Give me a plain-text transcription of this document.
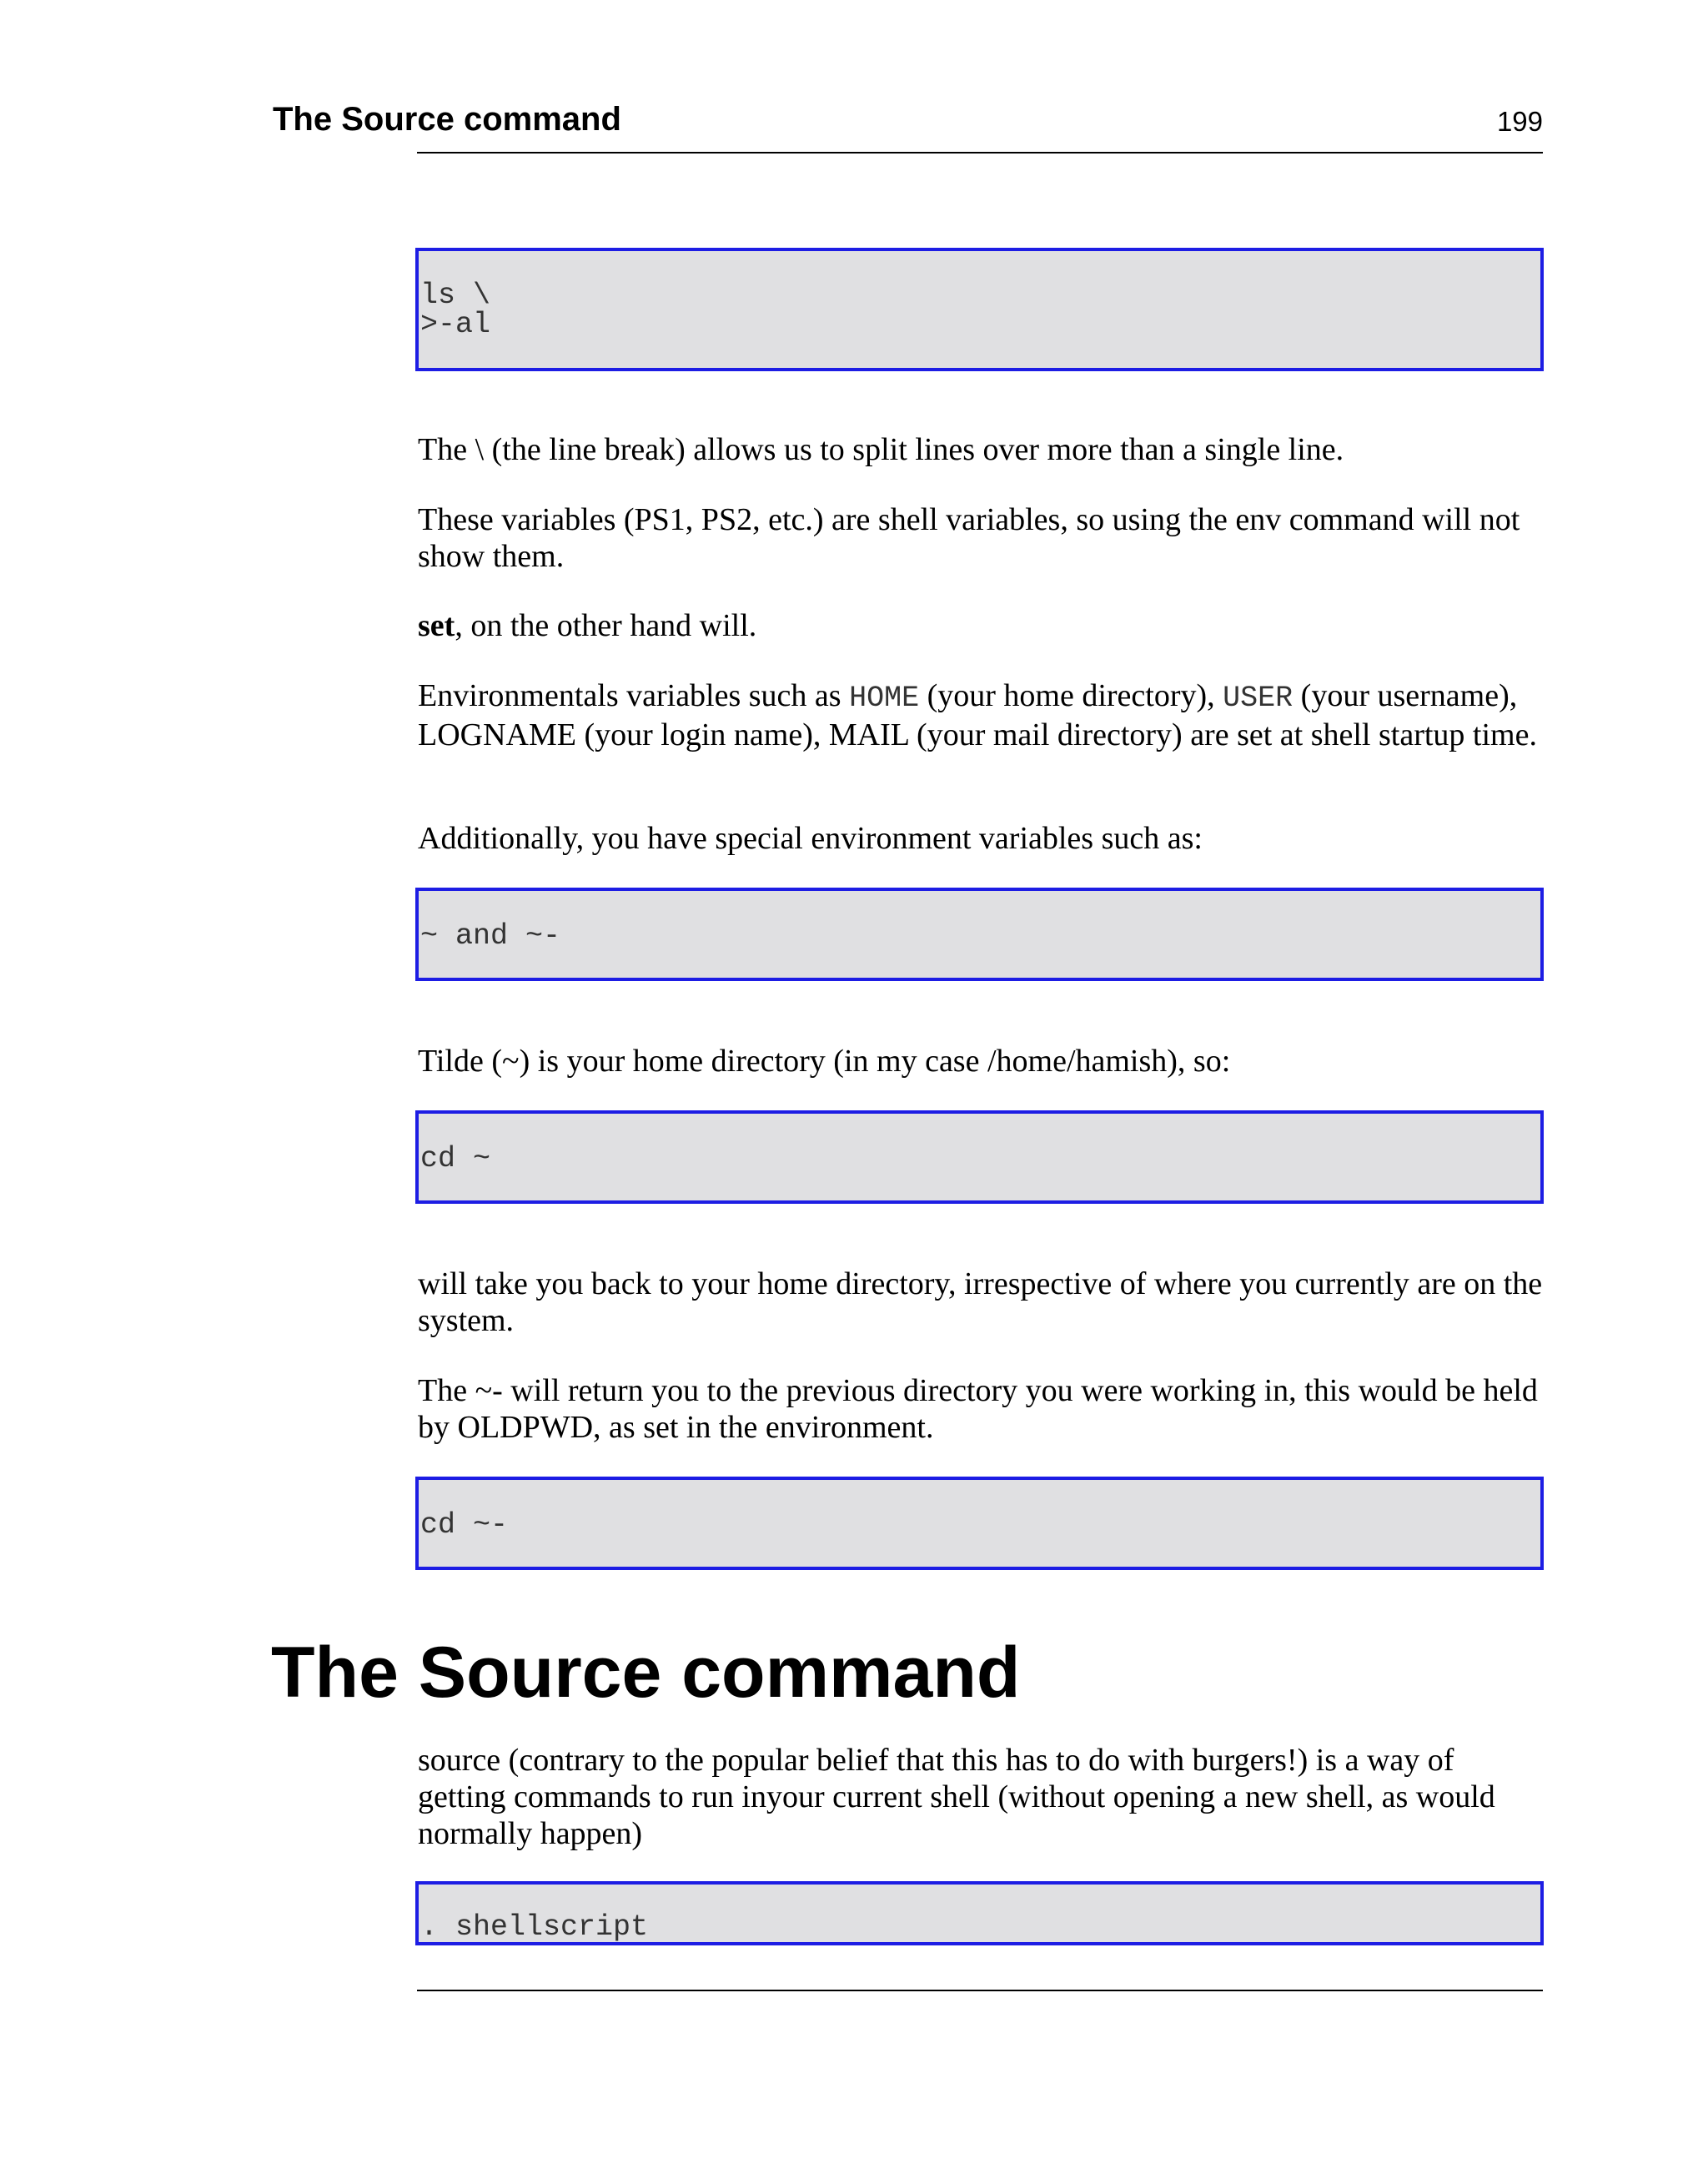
The Source command	199
ls \
>-al

The \ (the line break) allows us to split lines over more than a single line.

These variables (PS1, PS2, etc.) are shell variables, so using the env command will not show them.

set, on the other hand will.

Environmentals variables such as HOME (your home directory), USER (your username), LOGNAME (your login name), MAIL (your mail directory) are set at shell startup time.

Additionally, you have special environment variables such as:

~ and ~-

Tilde (~) is your home directory (in my case /home/hamish), so:

cd ~

will take you back to your home directory, irrespective of where you currently are on the system.

The ~- will return you to the previous directory you were working in, this would be held by OLDPWD, as set in the environment.

cd ~-
The Source command

source (contrary to the popular belief that this has to do with burgers!) is a way of getting commands to run inyour current shell (without opening a new shell, as would normally happen)

. shellscript
